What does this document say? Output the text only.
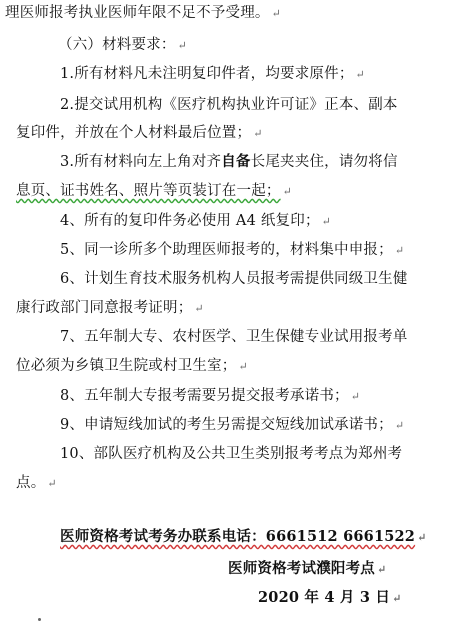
理医师报考执业医师年限不足不予受理。 ↵
（六）材料要求： ↵
1.所有材料凡未注明复印件者，均要求原件； ↵
2.提交试用机构《医疗机构执业许可证》正本、副本
复印件，并放在个人材料最后位置； ↵
3.所有材料向左上角对齐自备长尾夹夹住，请勿将信
息页、证书姓名、照片等页装订在一起； ↵
4、所有的复印件务必使用 A4 纸复印； ↵
5、同一诊所多个助理医师报考的，材料集中申报； ↵
6、计划生育技术服务机构人员报考需提供同级卫生健
康行政部门同意报考证明； ↵
7、五年制大专、农村医学、卫生保健专业试用报考单
位必须为乡镇卫生院或村卫生室； ↵
8、五年制大专报考需要另提交报考承诺书； ↵
9、申请短线加试的考生另需提交短线加试承诺书； ↵
10、部队医疗机构及公共卫生类别报考考点为郑州考
点。 ↵
医师资格考试考务办联系电话：6661512 6661522 ↵
医师资格考试濮阳考点 ↵
2020 年 4 月 3 日 ↵
